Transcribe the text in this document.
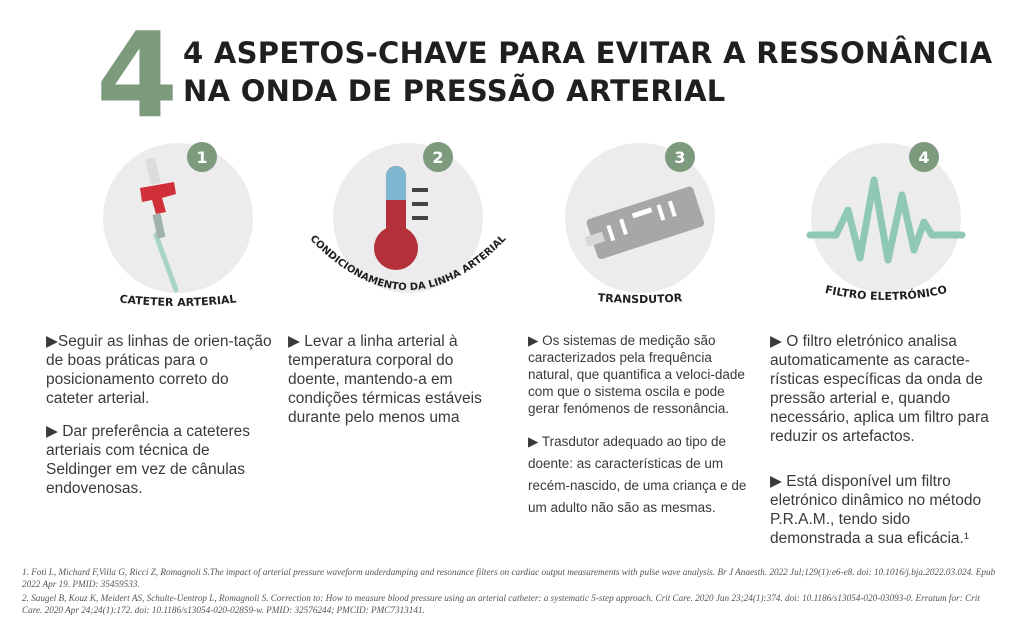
4 4 ASPETOS-CHAVE PARA EVITAR A RESSONÂNCIA
NA ONDA DE PRESSÃO ARTERIAL
1
CATETER ARTERIAL
2
CONDICIONAMENTO DA LINHA ARTERIAL
3
TRANSDUTOR
4
FILTRO ELETRÓNICO

▶Seguir as linhas de orien-tação de boas práticas para o posicionamento correto do cateter arterial.

▶ Dar preferência a cateteres arteriais com técnica de Seldinger em vez de cânulas endovenosas.

▶ Levar a linha arterial à temperatura corporal do doente, mantendo-a em condições térmicas estáveis durante pelo menos uma

▶ Os sistemas de medição são caracterizados pela frequência natural, que quantifica a veloci-dade com que o sistema oscila e pode gerar fenómenos de ressonância.

▶ Trasdutor adequado ao tipo de doente: as características de um recém-nascido, de uma criança e de um adulto não são as mesmas.

▶ O filtro eletrónico analisa automaticamente as caracte-rísticas específicas da onda de pressão arterial e, quando necessário, aplica um filtro para reduzir os artefactos.

▶ Está disponível um filtro eletrónico dinâmico no método P.R.A.M., tendo sido demonstrada a sua eficácia.¹

1. Foti L, Michard F,Villa G, Ricci Z, Romagnoli S.The impact of arterial pressure waveform underdamping and resonance filters on cardiac output measurements with pulse wave analysis. Br J Anaesth. 2022 Jul;129(1):e6-e8. doi: 10.1016/j.bja.2022.03.024. Epub 2022 Apr 19. PMID: 35459533.
2. Saugel B, Kouz K, Meidert AS, Schulte-Uentrop L, Romagnoli S. Correction to: How to measure blood pressure using an arterial catheter: a systematic 5-step approach. Crit Care. 2020 Jun 23;24(1):374. doi: 10.1186/s13054-020-03093-0. Erratum for: Crit Care. 2020 Apr 24;24(1):172. doi: 10.1186/s13054-020-02859-w. PMID: 32576244; PMCID: PMC7313141.
